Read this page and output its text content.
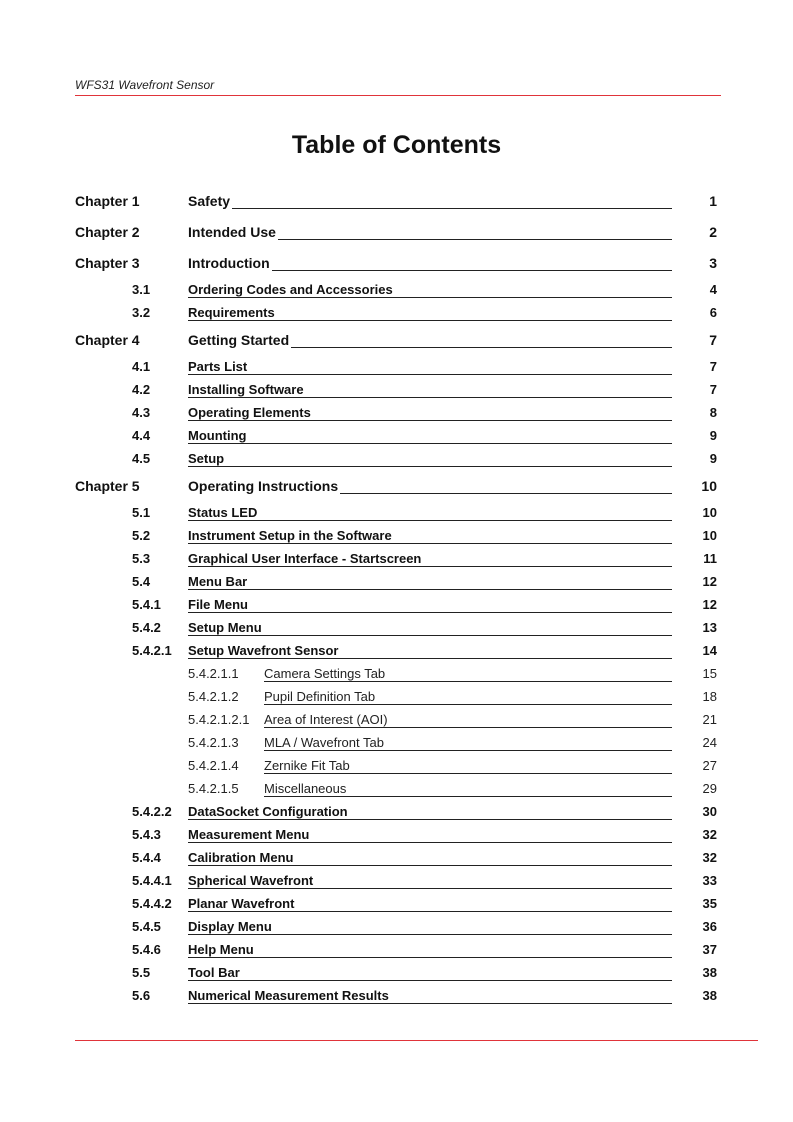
WFS31 Wavefront Sensor
Table of Contents
Chapter 1	Safety	1
Chapter 2	Intended Use	2
Chapter 3	Introduction	3
3.1	Ordering Codes and Accessories	4
3.2	Requirements	6
Chapter 4	Getting Started	7
4.1	Parts List	7
4.2	Installing Software	7
4.3	Operating Elements	8
4.4	Mounting	9
4.5	Setup	9
Chapter 5	Operating Instructions	10
5.1	Status LED	10
5.2	Instrument Setup in the Software	10
5.3	Graphical User Interface - Startscreen	11
5.4	Menu Bar	12
5.4.1 File Menu	12
5.4.2 Setup Menu	13
5.4.2.1 Setup Wavefront Sensor	14
5.4.2.1.1 Camera Settings Tab	15
5.4.2.1.2 Pupil Definition Tab	18
5.4.2.1.2.1 Area of Interest (AOI)	21
5.4.2.1.3 MLA / Wavefront Tab	24
5.4.2.1.4 Zernike Fit Tab	27
5.4.2.1.5 Miscellaneous	29
5.4.2.2 DataSocket Configuration	30
5.4.3 Measurement Menu	32
5.4.4 Calibration Menu	32
5.4.4.1 Spherical Wavefront	33
5.4.4.2 Planar Wavefront	35
5.4.5 Display Menu	36
5.4.6 Help Menu	37
5.5	Tool Bar	38
5.6	Numerical Measurement Results	38
